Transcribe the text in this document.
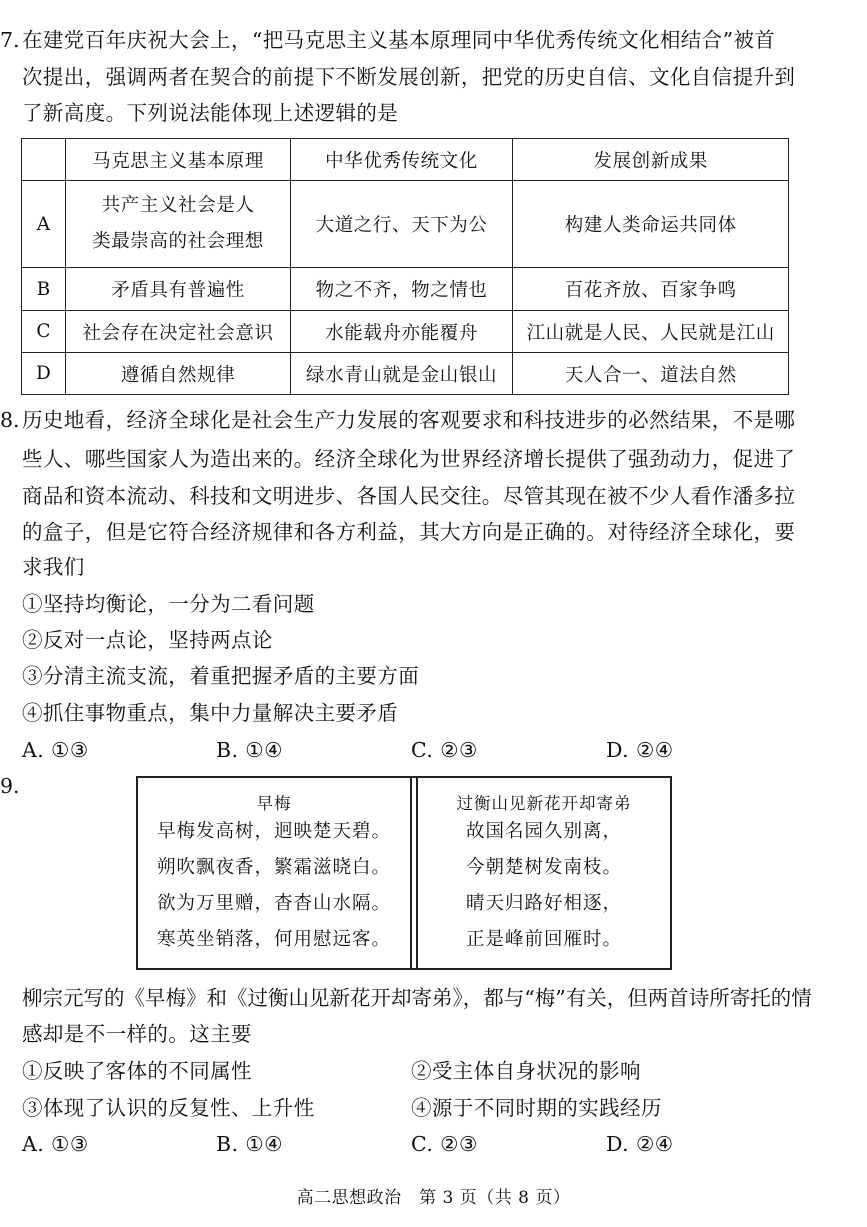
7. 在建党百年庆祝大会上，“把马克思主义基本原理同中华优秀传统文化相结合”被首
次提出，强调两者在契合的前提下不断发展创新，把党的历史自信、文化自信提升到
了新高度。下列说法能体现上述逻辑的是
	马克思主义基本原理	中华优秀传统文化	发展创新成果
A	共产主义社会是人
类最崇高的社会理想	大道之行、天下为公	构建人类命运共同体
B	矛盾具有普遍性	物之不齐，物之情也	百花齐放、百家争鸣
C	社会存在决定社会意识	水能载舟亦能覆舟	江山就是人民、人民就是江山
D	遵循自然规律	绿水青山就是金山银山	天人合一、道法自然
8. 历史地看，经济全球化是社会生产力发展的客观要求和科技进步的必然结果，不是哪
些人、哪些国家人为造出来的。经济全球化为世界经济增长提供了强劲动力，促进了
商品和资本流动、科技和文明进步、各国人民交往。尽管其现在被不少人看作潘多拉
的盒子，但是它符合经济规律和各方利益，其大方向是正确的。对待经济全球化，要
求我们
①坚持均衡论，一分为二看问题
②反对一点论，坚持两点论
③分清主流支流，着重把握矛盾的主要方面
④抓住事物重点，集中力量解决主要矛盾
A. ①③	B. ①④	C. ②③	D. ②④
9.
早梅
早梅发高树，迥映楚天碧。
朔吹飘夜香，繁霜滋晓白。
欲为万里赠，杳杳山水隔。
寒英坐销落，何用慰远客。
过衡山见新花开却寄弟
故国名园久别离，
今朝楚树发南枝。
晴天归路好相逐，
正是峰前回雁时。
柳宗元写的《早梅》和《过衡山见新花开却寄弟》，都与“梅”有关，但两首诗所寄托的情
感却是不一样的。这主要
①反映了客体的不同属性	②受主体自身状况的影响
③体现了认识的反复性、上升性	④源于不同时期的实践经历
A. ①③	B. ①④	C. ②③	D. ②④
高二思想政治　第 3 页（共 8 页）
